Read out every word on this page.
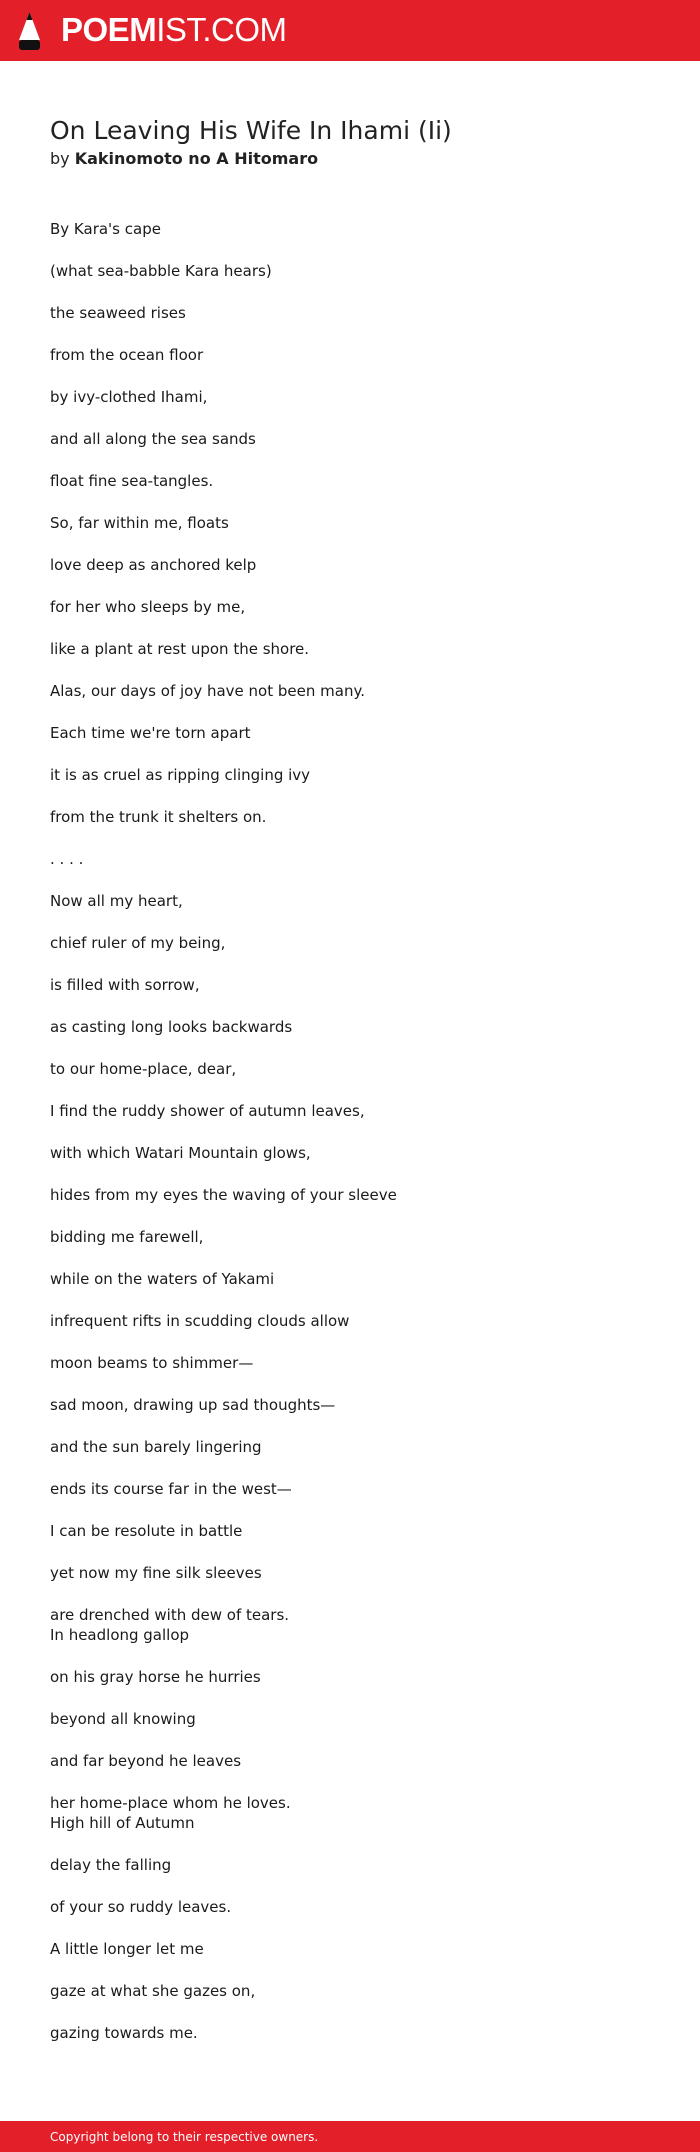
POEMIST.COM
On Leaving His Wife In Ihami (Ii)
by Kakinomoto no A Hitomaro
By Kara's cape
(what sea-babble Kara hears)
the seaweed rises
from the ocean floor
by ivy-clothed Ihami,
and all along the sea sands
float fine sea-tangles.
So, far within me, floats
love deep as anchored kelp
for her who sleeps by me,
like a plant at rest upon the shore.
Alas, our days of joy have not been many.
Each time we're torn apart
it is as cruel as ripping clinging ivy
from the trunk it shelters on.
. . . .
Now all my heart,
chief ruler of my being,
is filled with sorrow,
as casting long looks backwards
to our home-place, dear,
I find the ruddy shower of autumn leaves,
with which Watari Mountain glows,
hides from my eyes the waving of your sleeve
bidding me farewell,
while on the waters of Yakami
infrequent rifts in scudding clouds allow
moon beams to shimmer—
sad moon, drawing up sad thoughts—
and the sun barely lingering
ends its course far in the west—
I can be resolute in battle
yet now my fine silk sleeves
are drenched with dew of tears.
In headlong gallop
on his gray horse he hurries
beyond all knowing
and far beyond he leaves
her home-place whom he loves.
High hill of Autumn
delay the falling
of your so ruddy leaves.
A little longer let me
gaze at what she gazes on,
gazing towards me.
Copyright belong to their respective owners.
